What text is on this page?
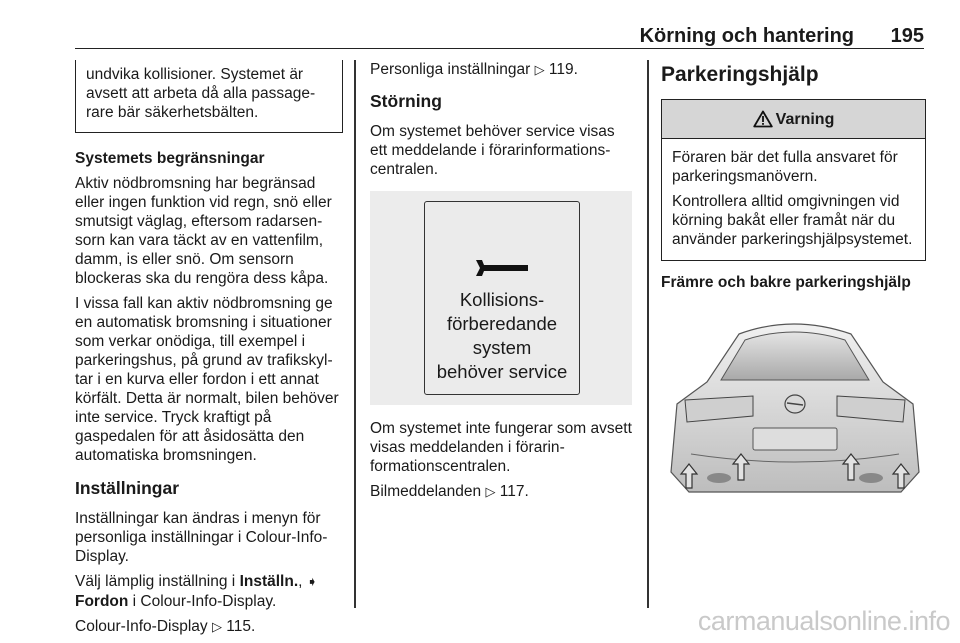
Körning och hantering 195
undvika kollisioner. Systemet är avsett att arbeta då alla passagerare bär säkerhetsbälten.

Systemets begränsningar

Aktiv nödbromsning har begränsad eller ingen funktion vid regn, snö eller smutsigt väglag, eftersom radarsensorn kan vara täckt av en vattenfilm, damm, is eller snö. Om sensorn blockeras ska du rengöra dess kåpa.

I vissa fall kan aktiv nödbromsning ge en automatisk bromsning i situationer som verkar onödiga, till exempel i parkeringshus, på grund av trafikskyltar i en kurva eller fordon i ett annat körfält. Detta är normalt, bilen behöver inte service. Tryck kraftigt på gaspedalen för att åsidosätta den automatiska bromsningen.

Inställningar

Inställningar kan ändras i menyn för personliga inställningar i Colour-Info-Display.

Välj lämplig inställning i Inställn., ➧
Fordon i Colour-Info-Display.

Colour-Info-Display ▷ 115.

Personliga inställningar ▷ 119.

Störning

Om systemet behöver service visas ett meddelande i förarinformationscentralen.

Kollisions-
förberedande
system
behöver service

Om systemet inte fungerar som avsett visas meddelanden i förarinformationscentralen.

Bilmeddelanden ▷ 117.

Parkeringshjälp
Varning

Föraren bär det fulla ansvaret för parkeringsmanövern.

Kontrollera alltid omgivningen vid körning bakåt eller framåt när du använder parkeringshjälpsystemet.

Främre och bakre parkeringshjälp

carmanualsonline.info
